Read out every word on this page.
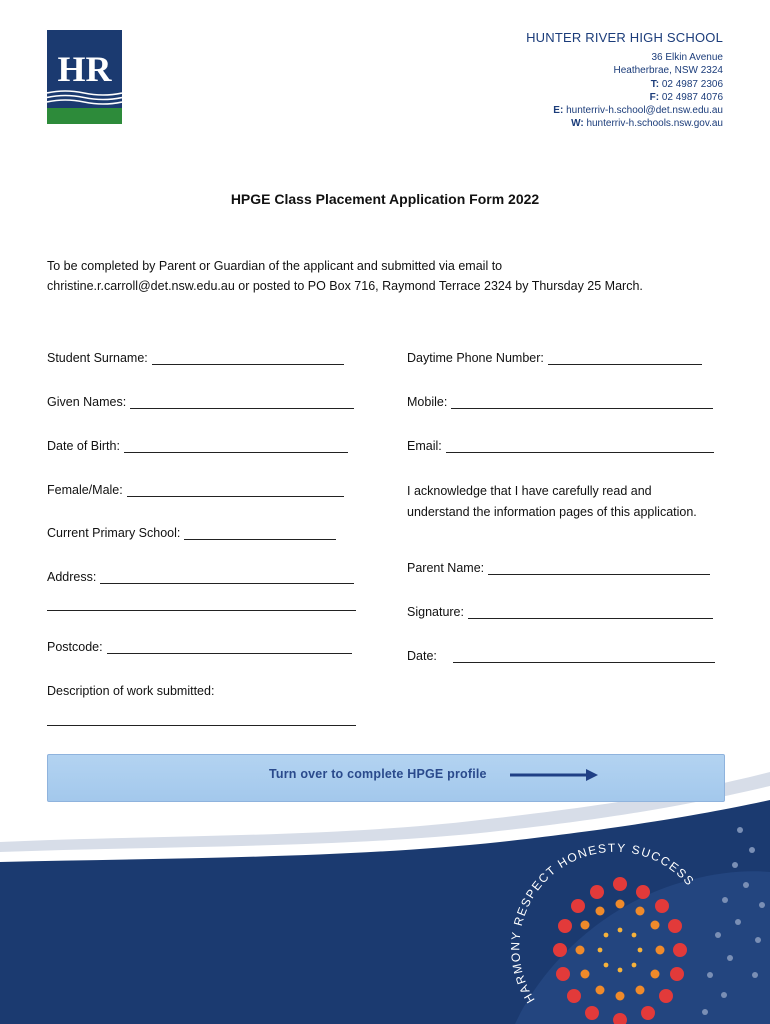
HR
HUNTER RIVER HIGH SCHOOL
36 Elkin Avenue
Heatherbrae, NSW 2324
T: 02 4987 2306
F: 02 4987 4076
E: hunterriv-h.school@det.nsw.edu.au
W: hunterriv-h.schools.nsw.gov.au
HPGE Class Placement Application Form 2022
To be completed by Parent or Guardian of the applicant and submitted via email to
christine.r.carroll@det.nsw.edu.au or posted to PO Box 716, Raymond Terrace 2324 by Thursday 25 March.
Student Surname:
Given Names:
Date of Birth:
Female/Male:
Current Primary School:
Address:
Postcode:
Description of work submitted:
Daytime Phone Number:
Mobile:
Email:
I acknowledge that I have carefully read and understand the information pages of this application.
Parent Name:
Signature:
Date:
HARMONY RESPECT HONESTY SUCCESS
Turn over to complete HPGE profile
